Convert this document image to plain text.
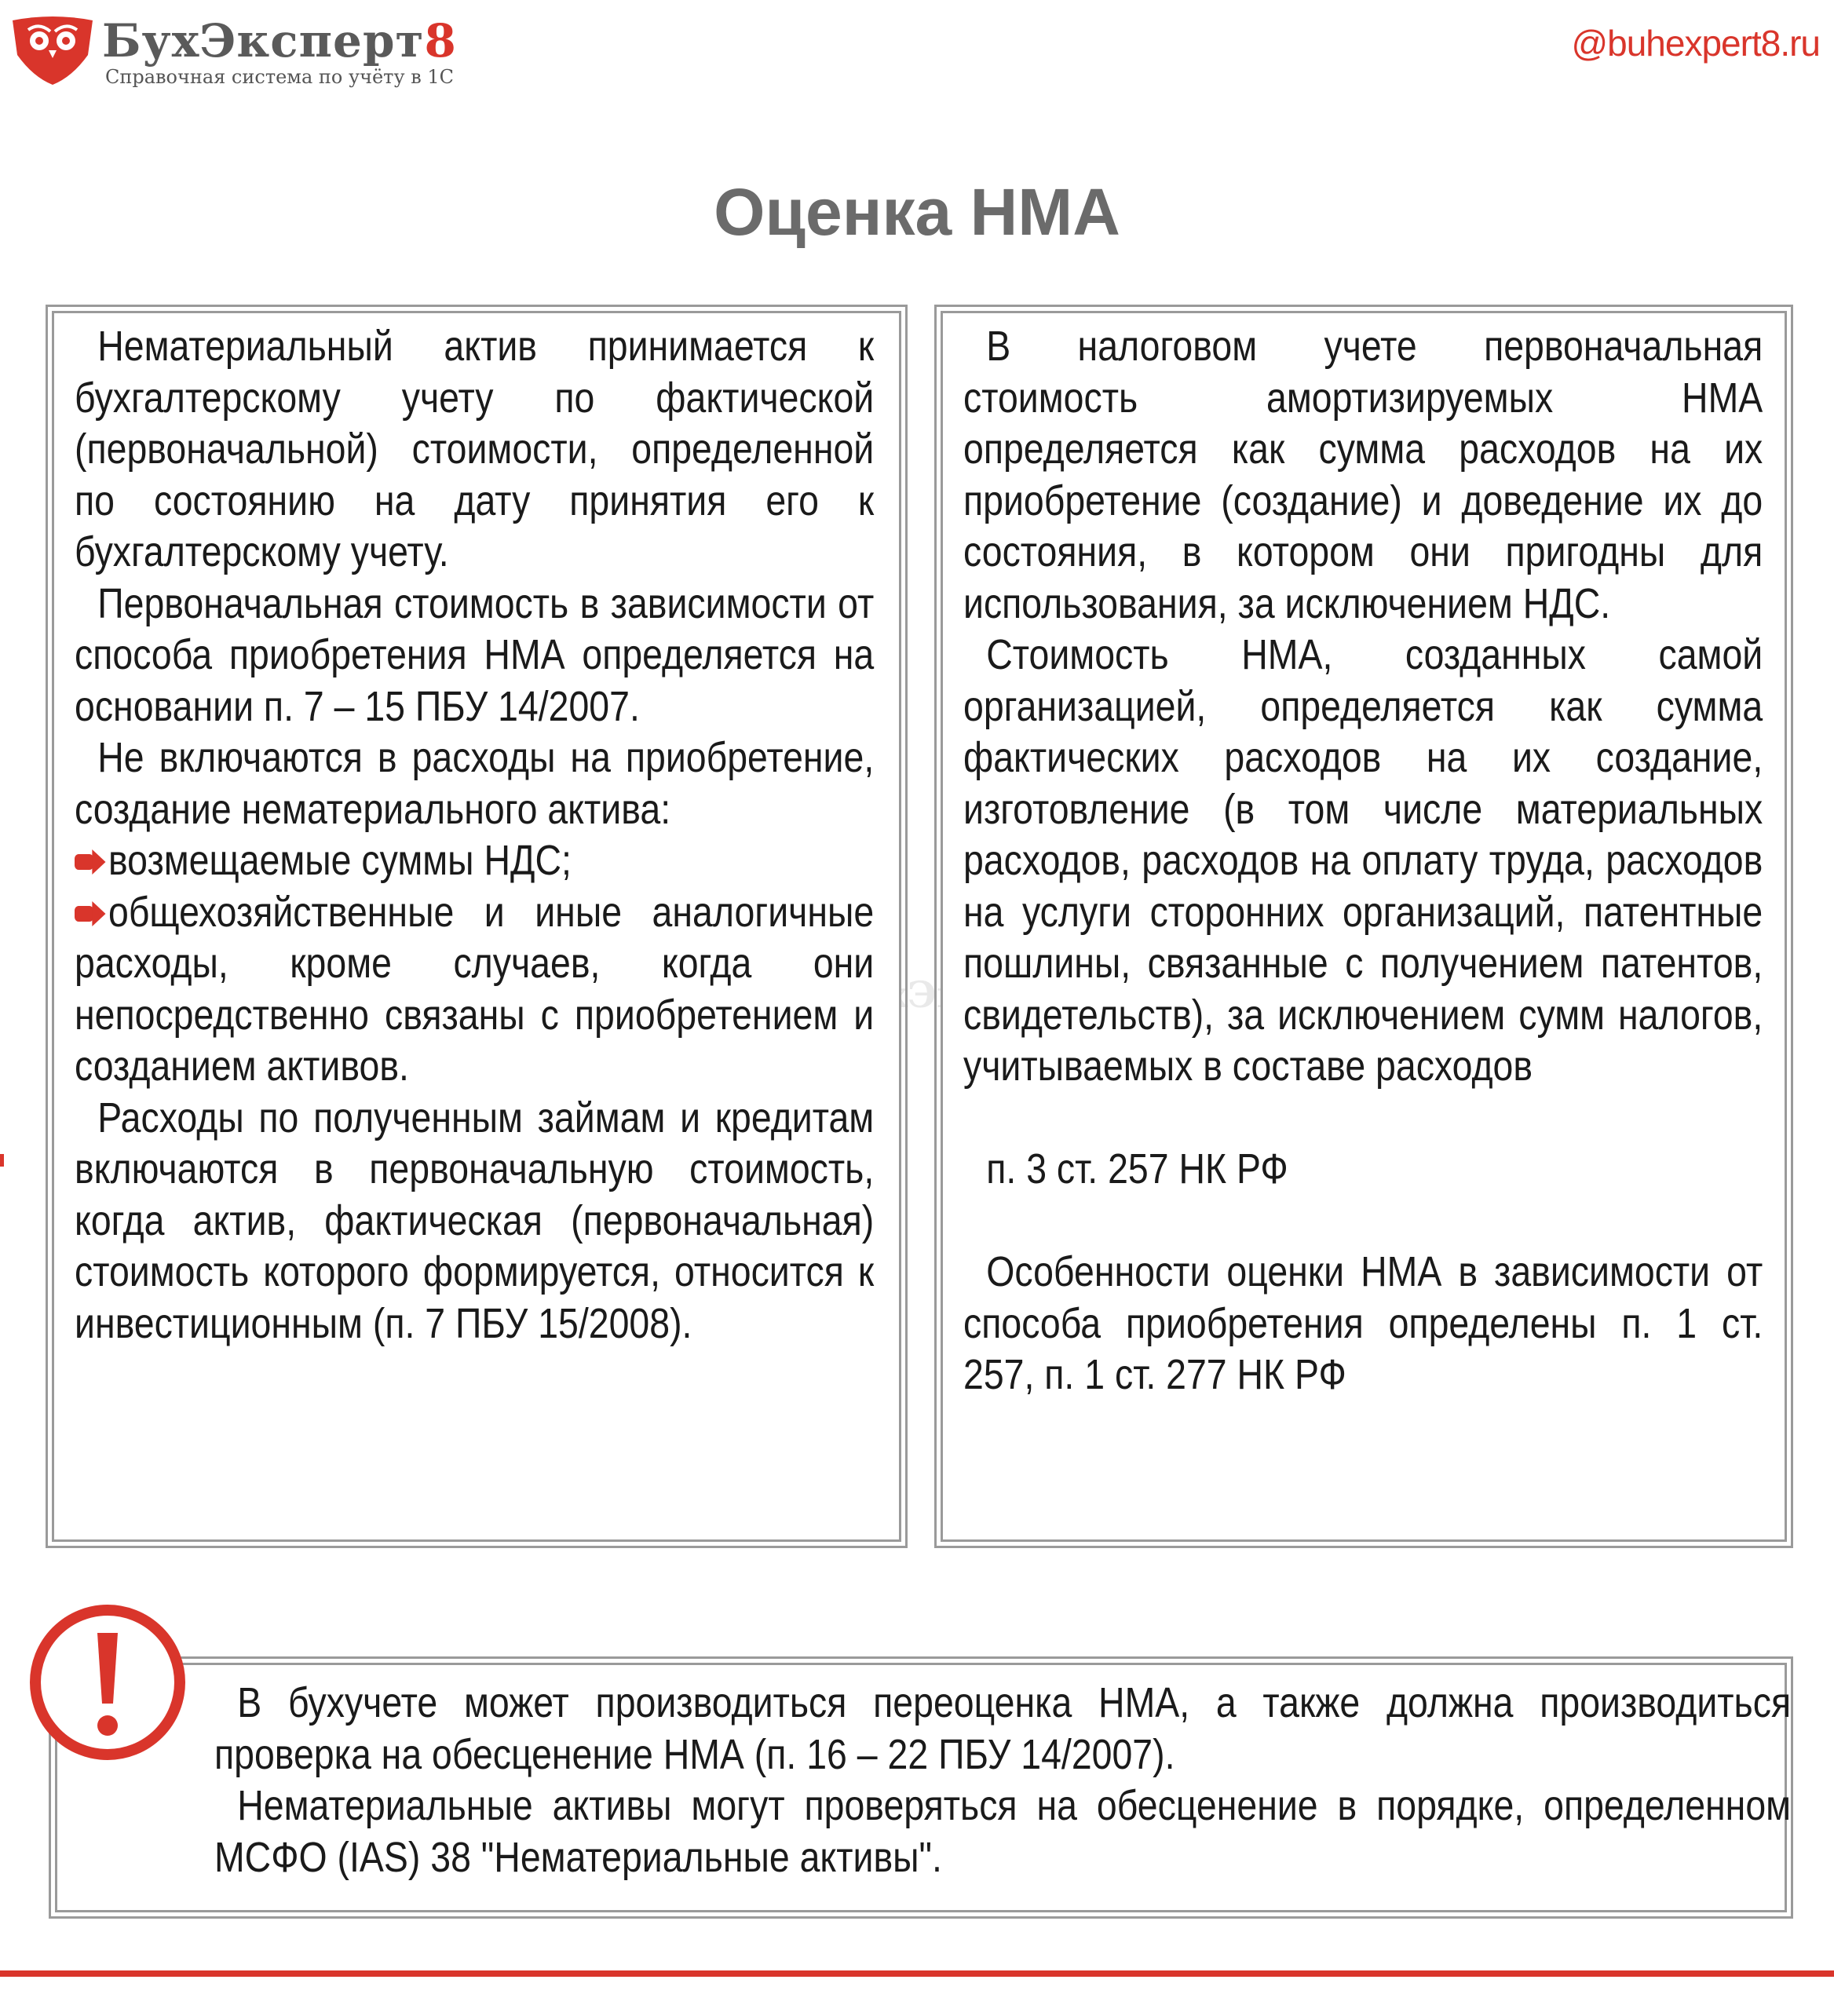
БухЭксперт8
Справочная система по учёту в 1С
@buhexpert8.ru
Оценка НМА

Нематериальный актив принимается к бухгалтерскому учету по фактической (первоначальной) стоимости, определенной по состоянию на дату принятия его к бухгалтерскому учету.

Первоначальная стоимость в зависимости от способа приобретения НМА определяется на основании п. 7 – 15 ПБУ 14/2007.

Не включаются в расходы на приобретение, создание нематериального актива:

возмещаемые суммы НДС;

общехозяйственные и иные аналогичные расходы, кроме случаев, когда они непосредственно связаны с приобретением и созданием активов.

Расходы по полученным займам и кредитам включаются в первоначальную стоимость, когда актив, фактическая (первоначальная) стоимость которого формируется, относится к инвестиционным (п. 7 ПБУ 15/2008).

В налоговом учете первоначальная стоимость амортизируемых НМА определяется как сумма расходов на их приобретение (создание) и доведение их до состояния, в котором они пригодны для использования, за исключением НДС.

Стоимость НМА, созданных самой организацией, определяется как сумма фактических расходов на их создание, изготовление (в том числе материальных расходов, расходов на оплату труда, расходов на услуги сторонних организаций, патентные пошлины, связанные с получением патентов, свидетельств), за исключением сумм налогов, учитываемых в составе расходов

п. 3 ст. 257 НК РФ

Особенности оценки НМА в зависимости от способа приобретения определены п. 1 ст. 257, п. 1 ст. 277 НК РФ

В бухучете может производиться переоценка НМА, а также должна производиться проверка на обесценение НМА (п. 16 – 22 ПБУ 14/2007).

Нематериальные активы могут проверяться на обесценение в порядке, определенном МСФО (IAS) 38 "Нематериальные активы".
